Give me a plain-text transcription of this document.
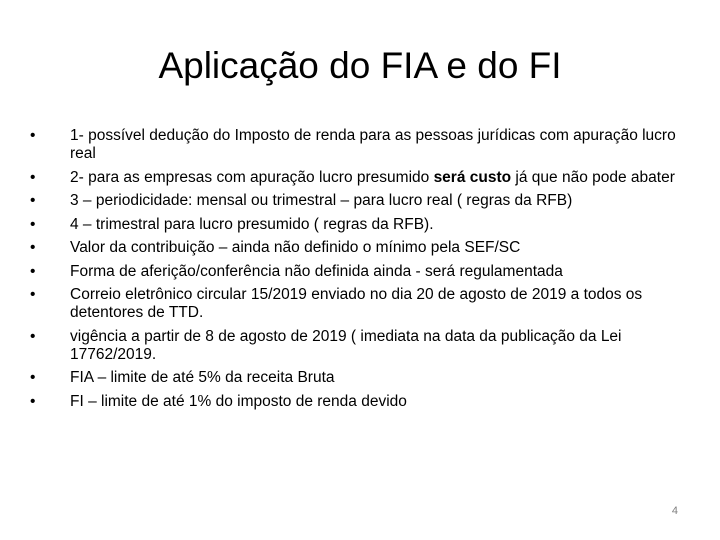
Aplicação do FIA e do FI
•	1- possível dedução do Imposto de renda para as pessoas jurídicas com apuração lucro real
•	2- para as empresas com apuração lucro presumido será custo já que não pode abater
•	3 – periodicidade: mensal ou trimestral – para lucro real ( regras da RFB)
•	4 – trimestral para lucro presumido ( regras da RFB).
•	Valor da contribuição – ainda não definido o mínimo pela SEF/SC
•	Forma de aferição/conferência não definida ainda - será regulamentada
•	Correio eletrônico circular 15/2019 enviado no dia 20 de agosto de 2019 a todos os detentores de TTD.
•	vigência a partir de 8 de agosto de 2019 ( imediata na data da publicação da Lei 17762/2019.
•	FIA – limite de até 5% da receita Bruta
•	FI – limite de até 1% do imposto de renda devido
4
